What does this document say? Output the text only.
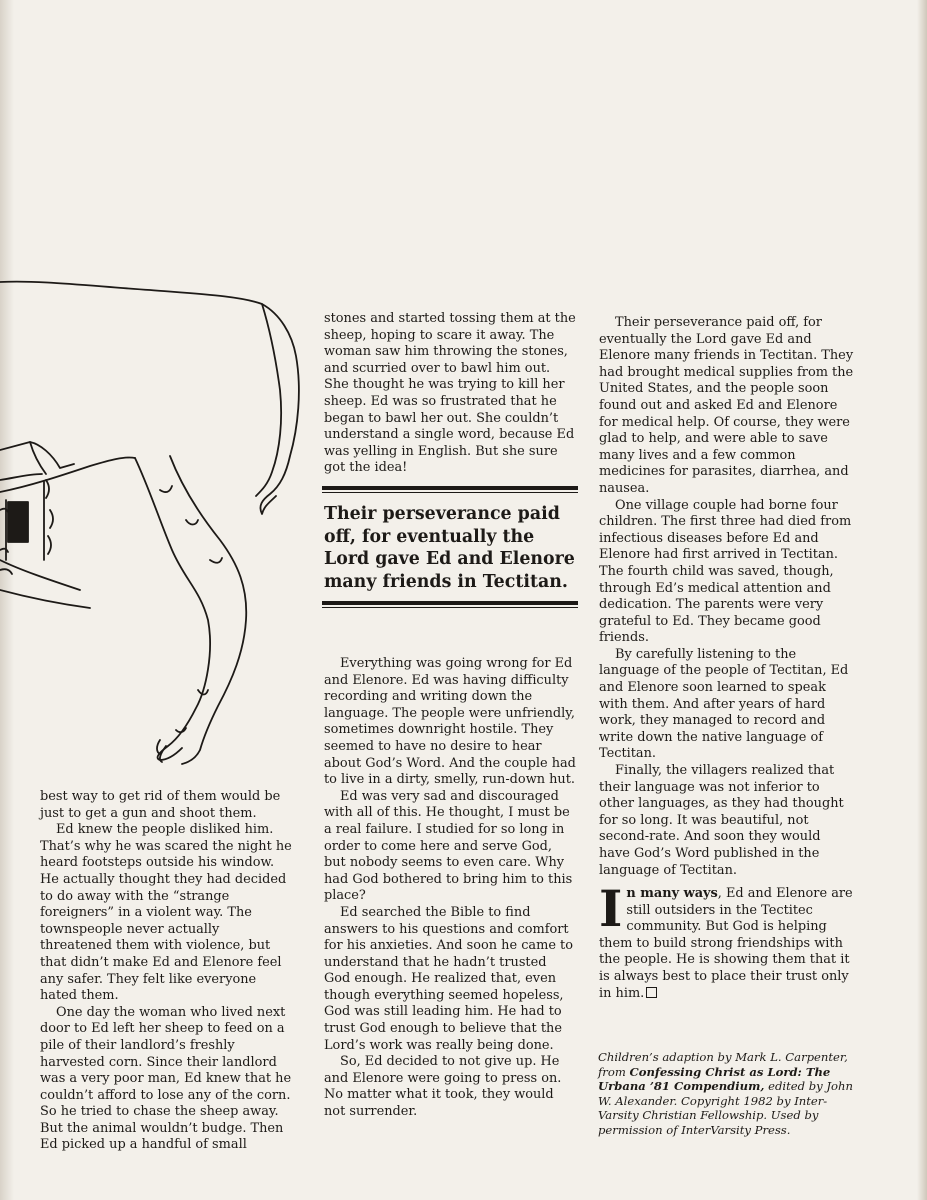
best way to get rid of them would be just to get a gun and shoot them.

Ed knew the people disliked him. That’s why he was scared the night he heard footsteps outside his window. He actually thought they had decided to do away with the “strange foreigners” in a violent way. The townspeople never actually threatened them with violence, but that didn’t make Ed and Elenore feel any safer. They felt like everyone hated them.

One day the woman who lived next door to Ed left her sheep to feed on a pile of their landlord’s freshly harvested corn. Since their landlord was a very poor man, Ed knew that he couldn’t afford to lose any of the corn. So he tried to chase the sheep away. But the animal wouldn’t budge. Then Ed picked up a handful of small

stones and started tossing them at the sheep, hoping to scare it away. The woman saw him throwing the stones, and scurried over to bawl him out. She thought he was trying to kill her sheep. Ed was so frustrated that he began to bawl her out. She couldn’t understand a single word, because Ed was yelling in English. But she sure got the idea!

Their perseverance paid off, for eventually the Lord gave Ed and Elenore many friends in Tectitan.

Everything was going wrong for Ed and Elenore. Ed was having difficulty recording and writing down the language. The people were unfriendly, sometimes downright hostile. They seemed to have no desire to hear about God’s Word. And the couple had to live in a dirty, smelly, run-down hut.

Ed was very sad and discouraged with all of this. He thought, I must be a real failure. I studied for so long in order to come here and serve God, but nobody seems to even care. Why had God bothered to bring him to this place?

Ed searched the Bible to find answers to his questions and comfort for his anxieties. And soon he came to understand that he hadn’t trusted God enough. He realized that, even though everything seemed hopeless, God was still leading him. He had to trust God enough to believe that the Lord’s work was really being done.

So, Ed decided to not give up. He and Elenore were going to press on. No matter what it took, they would not surrender.

Their perseverance paid off, for eventually the Lord gave Ed and Elenore many friends in Tectitan. They had brought medical supplies from the United States, and the people soon found out and asked Ed and Elenore for medical help. Of course, they were glad to help, and were able to save many lives and a few common medicines for parasites, diarrhea, and nausea.

One village couple had borne four children. The first three had died from infectious diseases before Ed and Elenore had first arrived in Tectitan. The fourth child was saved, though, through Ed’s medical attention and dedication. The parents were very grateful to Ed. They became good friends.

By carefully listening to the language of the people of Tectitan, Ed and Elenore soon learned to speak with them. And after years of hard work, they managed to record and write down the native language of Tectitan.

Finally, the villagers realized that their language was not inferior to other languages, as they had thought for so long. It was beautiful, not second-rate. And soon they would have God’s Word published in the language of Tectitan.

In many ways, Ed and Elenore are still outsiders in the Tectitec community. But God is helping them to build strong friendships with the people. He is showing them that it is always best to place their trust only in him.

Children’s adaption by Mark L. Carpenter, from Confessing Christ as Lord: The Urbana ’81 Compendium, edited by John W. Alexander. Copyright 1982 by Inter-Varsity Christian Fellowship. Used by permission of InterVarsity Press.
